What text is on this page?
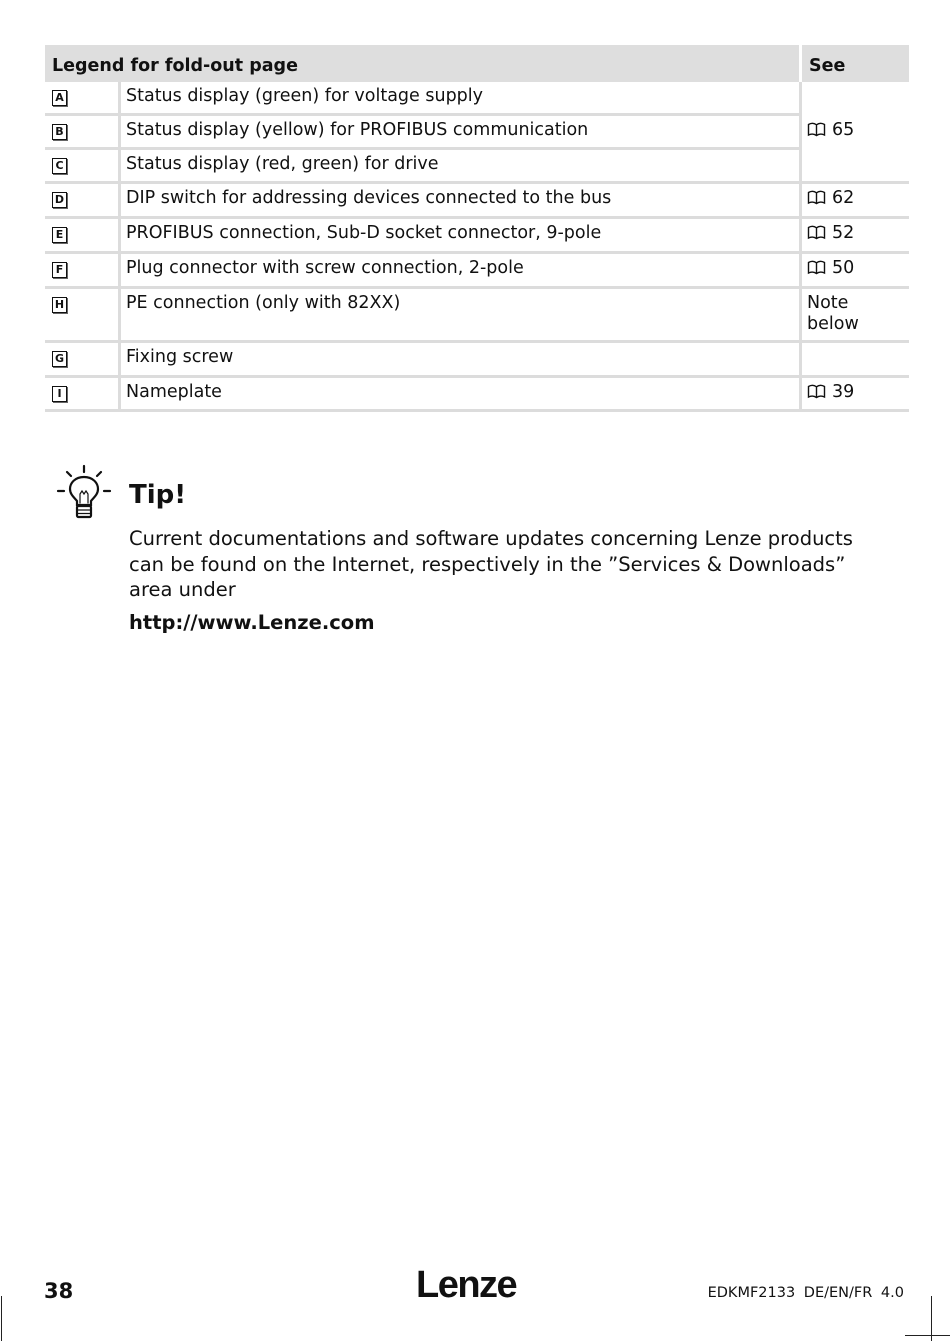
Legend for fold-out page		See
A	Status display (green) for voltage supply	65
B	Status display (yellow) for PROFIBUS communication	
C	Status display (red, green) for drive	
D	DIP switch for addressing devices connected to the bus	62
E	PROFIBUS connection, Sub-D socket connector, 9-pole	52
F	Plug connector with screw connection, 2-pole	50
H	PE connection (only with 82XX)	Note
below
G	Fixing screw	
I	Nameplate	39
Tip!

Current documentations and software updates concerning Lenze products can be found on the Internet, respectively in the ”Services & Downloads” area under

http://www.Lenze.com

38	Lenze	EDKMF2133 DE/EN/FR 4.0
